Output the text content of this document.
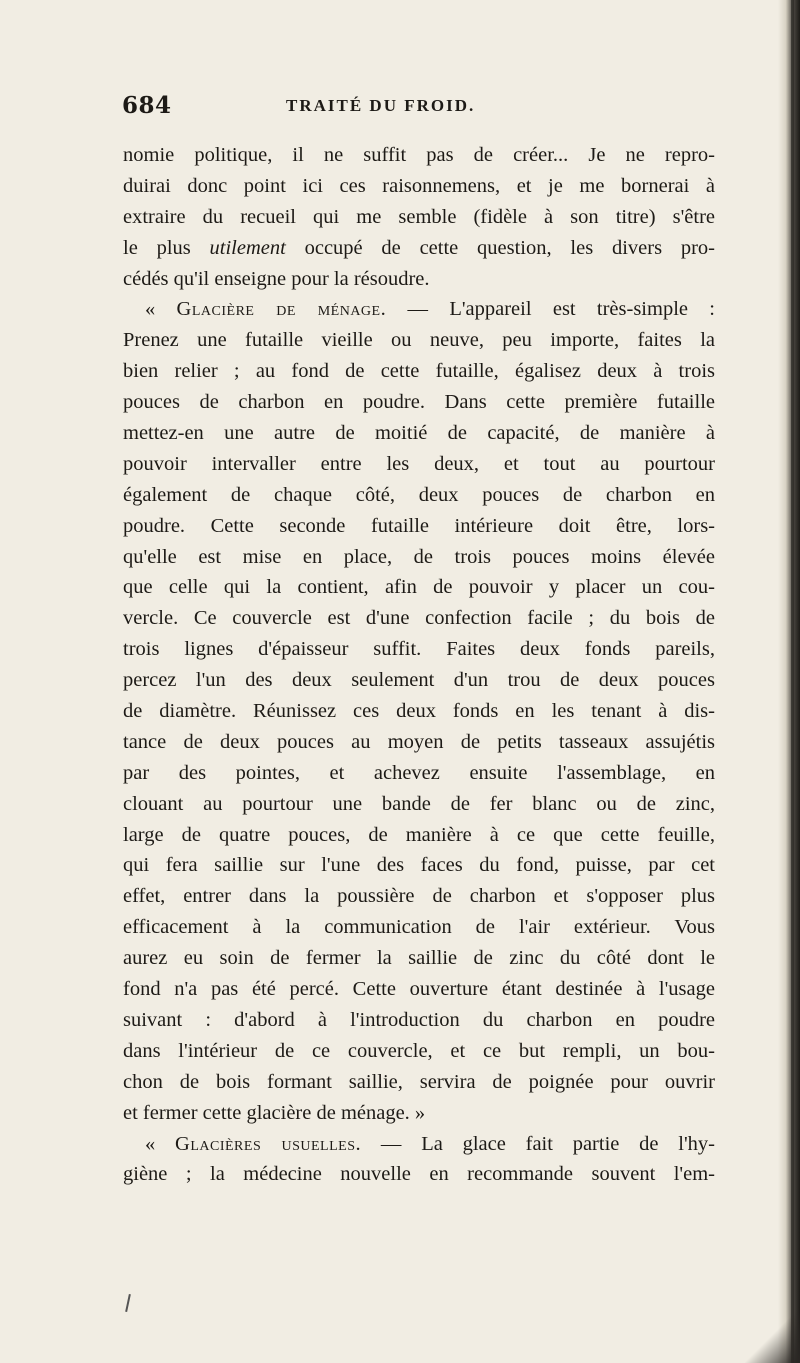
684	TRAITÉ DU FROID.
nomie politique, il ne suffit pas de créer... Je ne repro-
duirai donc point ici ces raisonnemens, et je me bornerai à
extraire du recueil qui me semble (fidèle à son titre) s'être
le plus utilement occupé de cette question, les divers pro-
cédés qu'il enseigne pour la résoudre.
« Glacière de ménage. — L'appareil est très-simple :
Prenez une futaille vieille ou neuve, peu importe, faites la
bien relier ; au fond de cette futaille, égalisez deux à trois
pouces de charbon en poudre. Dans cette première futaille
mettez-en une autre de moitié de capacité, de manière à
pouvoir intervaller entre les deux, et tout au pourtour
également de chaque côté, deux pouces de charbon en
poudre. Cette seconde futaille intérieure doit être, lors-
qu'elle est mise en place, de trois pouces moins élevée
que celle qui la contient, afin de pouvoir y placer un cou-
vercle. Ce couvercle est d'une confection facile ; du bois de
trois lignes d'épaisseur suffit. Faites deux fonds pareils,
percez l'un des deux seulement d'un trou de deux pouces
de diamètre. Réunissez ces deux fonds en les tenant à dis-
tance de deux pouces au moyen de petits tasseaux assujétis
par des pointes, et achevez ensuite l'assemblage, en
clouant au pourtour une bande de fer blanc ou de zinc,
large de quatre pouces, de manière à ce que cette feuille,
qui fera saillie sur l'une des faces du fond, puisse, par cet
effet, entrer dans la poussière de charbon et s'opposer plus
efficacement à la communication de l'air extérieur. Vous
aurez eu soin de fermer la saillie de zinc du côté dont le
fond n'a pas été percé. Cette ouverture étant destinée à l'usage
suivant : d'abord à l'introduction du charbon en poudre
dans l'intérieur de ce couvercle, et ce but rempli, un bou-
chon de bois formant saillie, servira de poignée pour ouvrir
et fermer cette glacière de ménage. »
« Glacières usuelles. — La glace fait partie de l'hy-
giène ; la médecine nouvelle en recommande souvent l'em-
